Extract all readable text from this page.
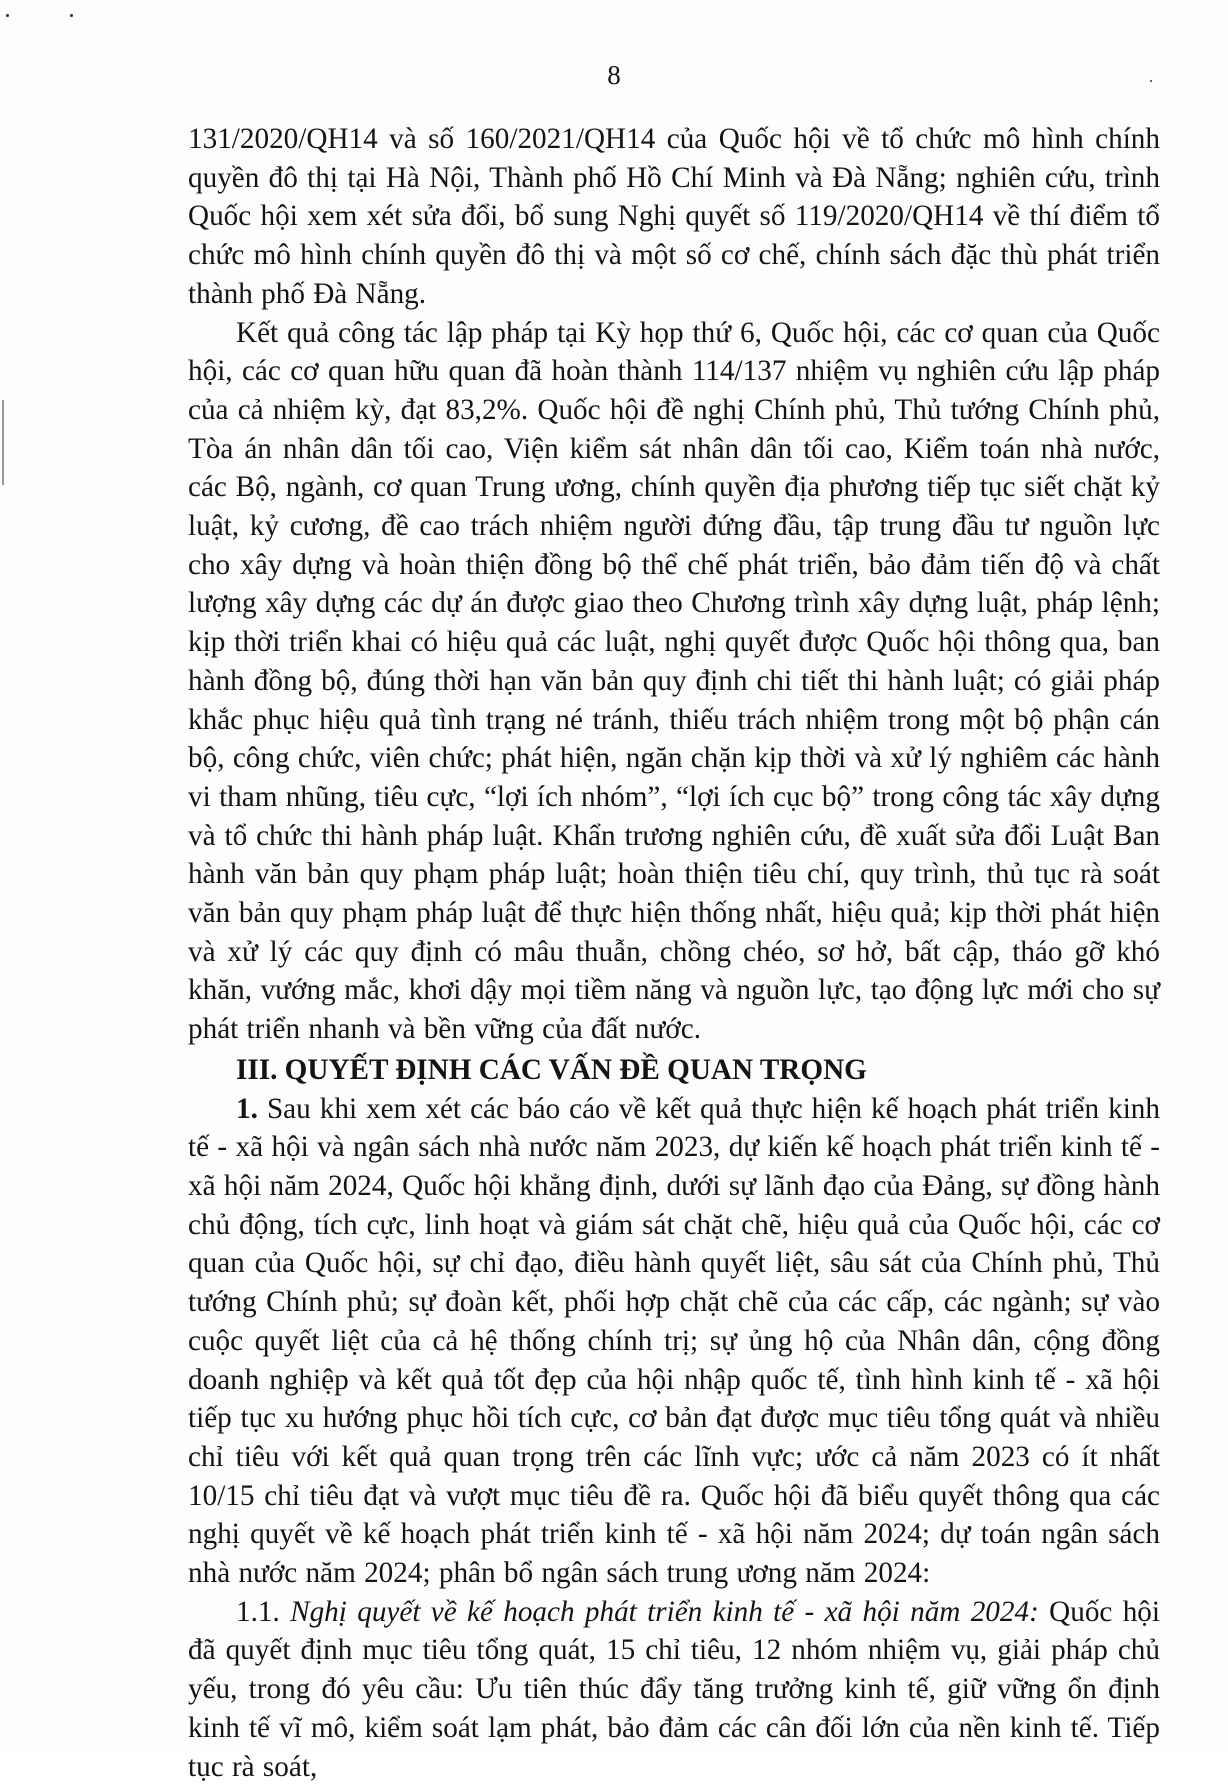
8

131/2020/QH14 và số 160/2021/QH14 của Quốc hội về tổ chức mô hình chính quyền đô thị tại Hà Nội, Thành phố Hồ Chí Minh và Đà Nẵng; nghiên cứu, trình Quốc hội xem xét sửa đổi, bổ sung Nghị quyết số 119/2020/QH14 về thí điểm tổ chức mô hình chính quyền đô thị và một số cơ chế, chính sách đặc thù phát triển thành phố Đà Nẵng.

Kết quả công tác lập pháp tại Kỳ họp thứ 6, Quốc hội, các cơ quan của Quốc hội, các cơ quan hữu quan đã hoàn thành 114/137 nhiệm vụ nghiên cứu lập pháp của cả nhiệm kỳ, đạt 83,2%. Quốc hội đề nghị Chính phủ, Thủ tướng Chính phủ, Tòa án nhân dân tối cao, Viện kiểm sát nhân dân tối cao, Kiểm toán nhà nước, các Bộ, ngành, cơ quan Trung ương, chính quyền địa phương tiếp tục siết chặt kỷ luật, kỷ cương, đề cao trách nhiệm người đứng đầu, tập trung đầu tư nguồn lực cho xây dựng và hoàn thiện đồng bộ thể chế phát triển, bảo đảm tiến độ và chất lượng xây dựng các dự án được giao theo Chương trình xây dựng luật, pháp lệnh; kịp thời triển khai có hiệu quả các luật, nghị quyết được Quốc hội thông qua, ban hành đồng bộ, đúng thời hạn văn bản quy định chi tiết thi hành luật; có giải pháp khắc phục hiệu quả tình trạng né tránh, thiếu trách nhiệm trong một bộ phận cán bộ, công chức, viên chức; phát hiện, ngăn chặn kịp thời và xử lý nghiêm các hành vi tham nhũng, tiêu cực, “lợi ích nhóm”, “lợi ích cục bộ” trong công tác xây dựng và tổ chức thi hành pháp luật. Khẩn trương nghiên cứu, đề xuất sửa đổi Luật Ban hành văn bản quy phạm pháp luật; hoàn thiện tiêu chí, quy trình, thủ tục rà soát văn bản quy phạm pháp luật để thực hiện thống nhất, hiệu quả; kịp thời phát hiện và xử lý các quy định có mâu thuẫn, chồng chéo, sơ hở, bất cập, tháo gỡ khó khăn, vướng mắc, khơi dậy mọi tiềm năng và nguồn lực, tạo động lực mới cho sự phát triển nhanh và bền vững của đất nước.

III. QUYẾT ĐỊNH CÁC VẤN ĐỀ QUAN TRỌNG

1. Sau khi xem xét các báo cáo về kết quả thực hiện kế hoạch phát triển kinh tế - xã hội và ngân sách nhà nước năm 2023, dự kiến kế hoạch phát triển kinh tế - xã hội năm 2024, Quốc hội khẳng định, dưới sự lãnh đạo của Đảng, sự đồng hành chủ động, tích cực, linh hoạt và giám sát chặt chẽ, hiệu quả của Quốc hội, các cơ quan của Quốc hội, sự chỉ đạo, điều hành quyết liệt, sâu sát của Chính phủ, Thủ tướng Chính phủ; sự đoàn kết, phối hợp chặt chẽ của các cấp, các ngành; sự vào cuộc quyết liệt của cả hệ thống chính trị; sự ủng hộ của Nhân dân, cộng đồng doanh nghiệp và kết quả tốt đẹp của hội nhập quốc tế, tình hình kinh tế - xã hội tiếp tục xu hướng phục hồi tích cực, cơ bản đạt được mục tiêu tổng quát và nhiều chỉ tiêu với kết quả quan trọng trên các lĩnh vực; ước cả năm 2023 có ít nhất 10/15 chỉ tiêu đạt và vượt mục tiêu đề ra. Quốc hội đã biểu quyết thông qua các nghị quyết về kế hoạch phát triển kinh tế - xã hội năm 2024; dự toán ngân sách nhà nước năm 2024; phân bổ ngân sách trung ương năm 2024:

1.1. Nghị quyết về kế hoạch phát triển kinh tế - xã hội năm 2024: Quốc hội đã quyết định mục tiêu tổng quát, 15 chỉ tiêu, 12 nhóm nhiệm vụ, giải pháp chủ yếu, trong đó yêu cầu: Ưu tiên thúc đẩy tăng trưởng kinh tế, giữ vững ổn định kinh tế vĩ mô, kiểm soát lạm phát, bảo đảm các cân đối lớn của nền kinh tế. Tiếp tục rà soát,
